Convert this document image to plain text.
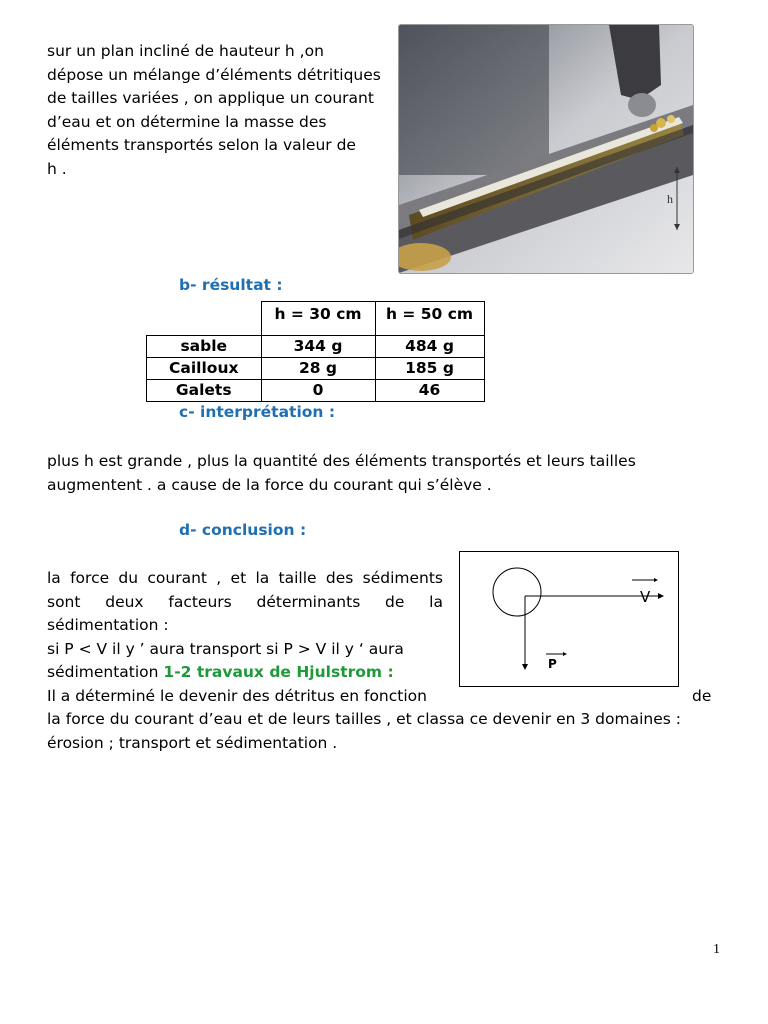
sur un plan incliné de hauteur h ,on
dépose un mélange d’éléments détritiques
de tailles variées , on applique un courant
d’eau et on détermine la masse des
éléments transportés selon la valeur de
h .
h
b- résultat :
	h = 30 cm	h = 50 cm
sable	344 g	484 g
Cailloux	28 g	185 g
Galets	0	46
c- interprétation :
plus h est grande , plus la quantité des éléments transportés et leurs tailles
augmentent . a cause de la force du courant qui s’élève .
d- conclusion :
la force du courant , et la taille des sédiments
sont deux facteurs déterminants de la
sédimentation :
si P < V il y ’ aura transport si P > V il y ‘ aura
sédimentation 1-2 travaux de Hjulstrom :
V
P
Il a déterminé le devenir des détritus en fonction	de
la force du courant d’eau et de leurs tailles , et classa ce devenir en 3 domaines :
érosion ; transport et sédimentation .
1
